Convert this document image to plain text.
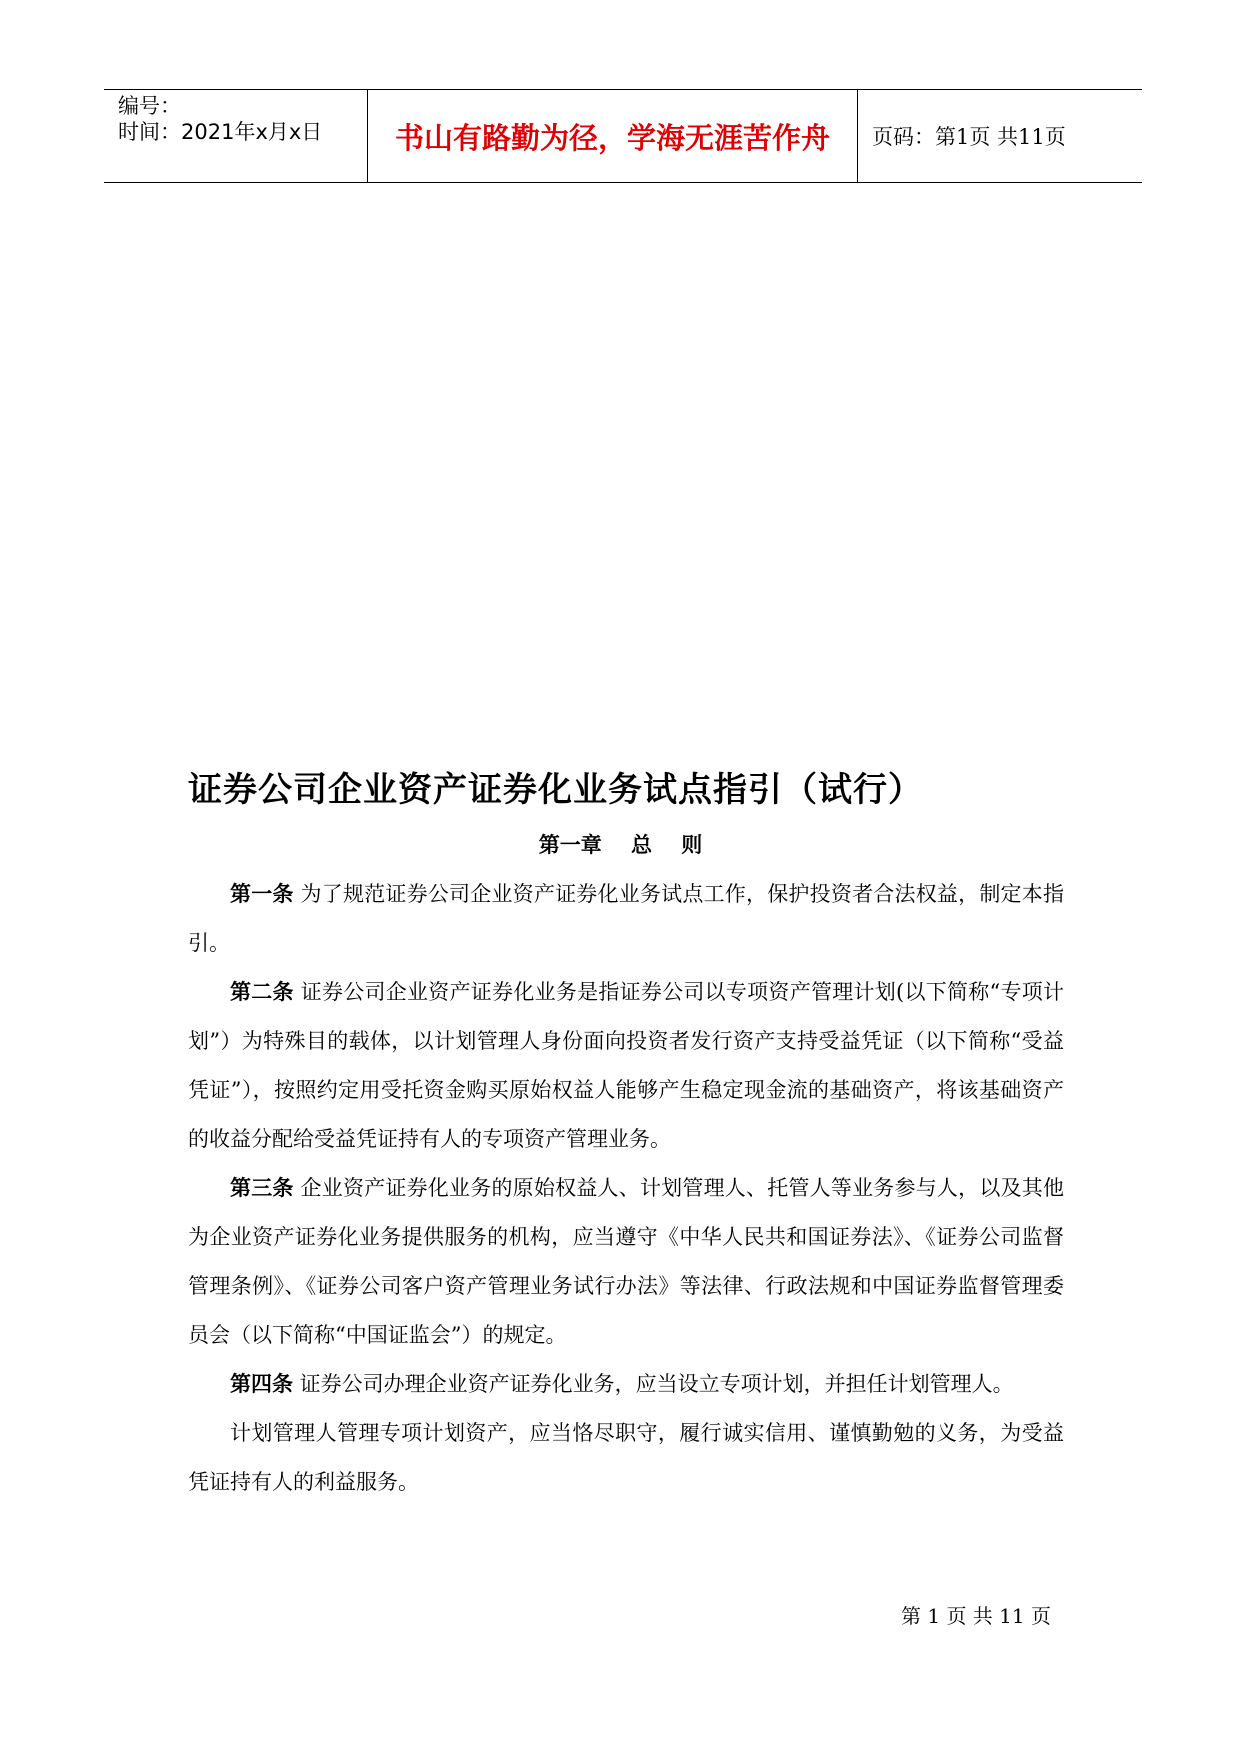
编号：
时间：2021年x月x日	书山有路勤为径，学海无涯苦作舟 页码：第1页 共11页
证券公司企业资产证券化业务试点指引（试行）
第一章    总    则

第一条 为了规范证券公司企业资产证券化业务试点工作，保护投资者合法权益，制定本指引。

第二条 证券公司企业资产证券化业务是指证券公司以专项资产管理计划(以下简称“专项计划”）为特殊目的载体，以计划管理人身份面向投资者发行资产支持受益凭证（以下简称“受益凭证”），按照约定用受托资金购买原始权益人能够产生稳定现金流的基础资产，将该基础资产的收益分配给受益凭证持有人的专项资产管理业务。

第三条 企业资产证券化业务的原始权益人、计划管理人、托管人等业务参与人，以及其他为企业资产证券化业务提供服务的机构，应当遵守《中华人民共和国证券法》、《证券公司监督管理条例》、《证券公司客户资产管理业务试行办法》等法律、行政法规和中国证券监督管理委员会（以下简称“中国证监会”）的规定。

第四条 证券公司办理企业资产证券化业务，应当设立专项计划，并担任计划管理人。

计划管理人管理专项计划资产，应当恪尽职守，履行诚实信用、谨慎勤勉的义务，为受益凭证持有人的利益服务。

第 1 页 共 11 页
